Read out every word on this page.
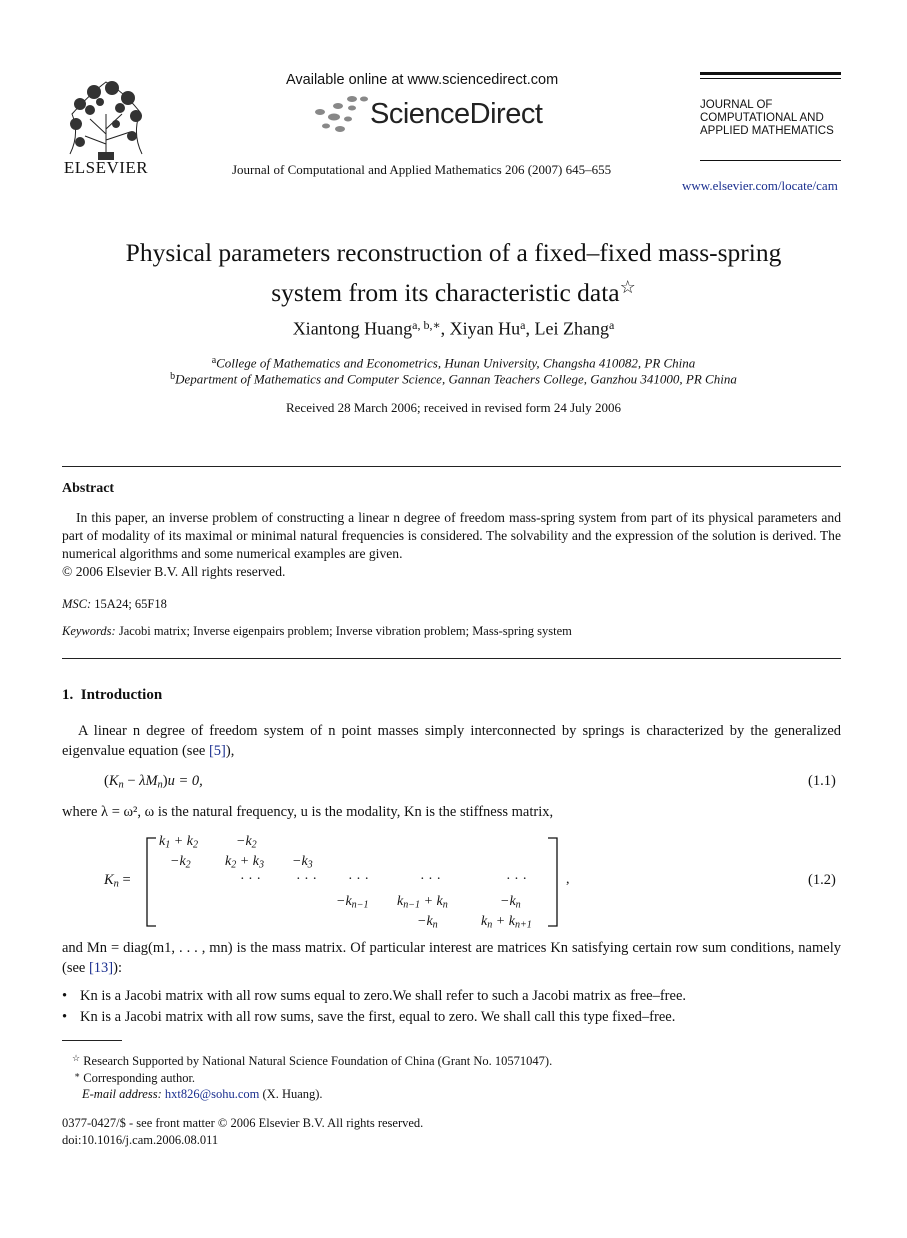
ELSEVIER
Available online at www.sciencedirect.com
ScienceDirect
Journal of Computational and Applied Mathematics 206 (2007) 645–655
JOURNAL OF
COMPUTATIONAL AND
APPLIED MATHEMATICS
www.elsevier.com/locate/cam
Physical parameters reconstruction of a fixed–fixed mass-spring
system from its characteristic data☆
Xiantong Huang$^{a, b,∗}$, Xiyan Hu$^a$, Lei Zhang$^a$
$^a$College of Mathematics and Econometrics, Hunan University, Changsha 410082, PR China
$^b$Department of Mathematics and Computer Science, Gannan Teachers College, Ganzhou 341000, PR China
Received 28 March 2006; received in revised form 24 July 2006
Abstract
In this paper, an inverse problem of constructing a linear n degree of freedom mass-spring system from part of its physical parameters and part of modality of its maximal or minimal natural frequencies is considered. The solvability and the expression of the solution is derived. The numerical algorithms and some numerical examples are given.
© 2006 Elsevier B.V. All rights reserved.
MSC: 15A24; 65F18
Keywords: Jacobi matrix; Inverse eigenpairs problem; Inverse vibration problem; Mass-spring system
1.  Introduction
A linear n degree of freedom system of n point masses simply interconnected by springs is characterized by the generalized eigenvalue equation (see [5]),
$(K_n - \lambda M_n)u = 0$,	(1.1)
where λ = ω², ω is the natural frequency, u is the modality, Kn is the stiffness matrix,
$K_n$ =
$k_1 + k_2$	$-k_2$
$-k_2$ $k_2 + k_3 -k_3$
· · ·	· · · · · ·	· · ·	· · ·
$-k_{n-1}$ $k_{n-1} + k_n$	$-k_n$
$-k_n$	$k_n + k_{n+1}$
,	(1.2)
and Mn = diag(m1, . . . , mn) is the mass matrix. Of particular interest are matrices Kn satisfying certain row sum conditions, namely (see [13]):
• Kn is a Jacobi matrix with all row sums equal to zero.We shall refer to such a Jacobi matrix as free–free.
• Kn is a Jacobi matrix with all row sums, save the first, equal to zero. We shall call this type fixed–free.
☆ Research Supported by National Natural Science Foundation of China (Grant No. 10571047).
∗ Corresponding author.
E-mail address: hxt826@sohu.com (X. Huang).
0377-0427/$ - see front matter © 2006 Elsevier B.V. All rights reserved.
doi:10.1016/j.cam.2006.08.011
